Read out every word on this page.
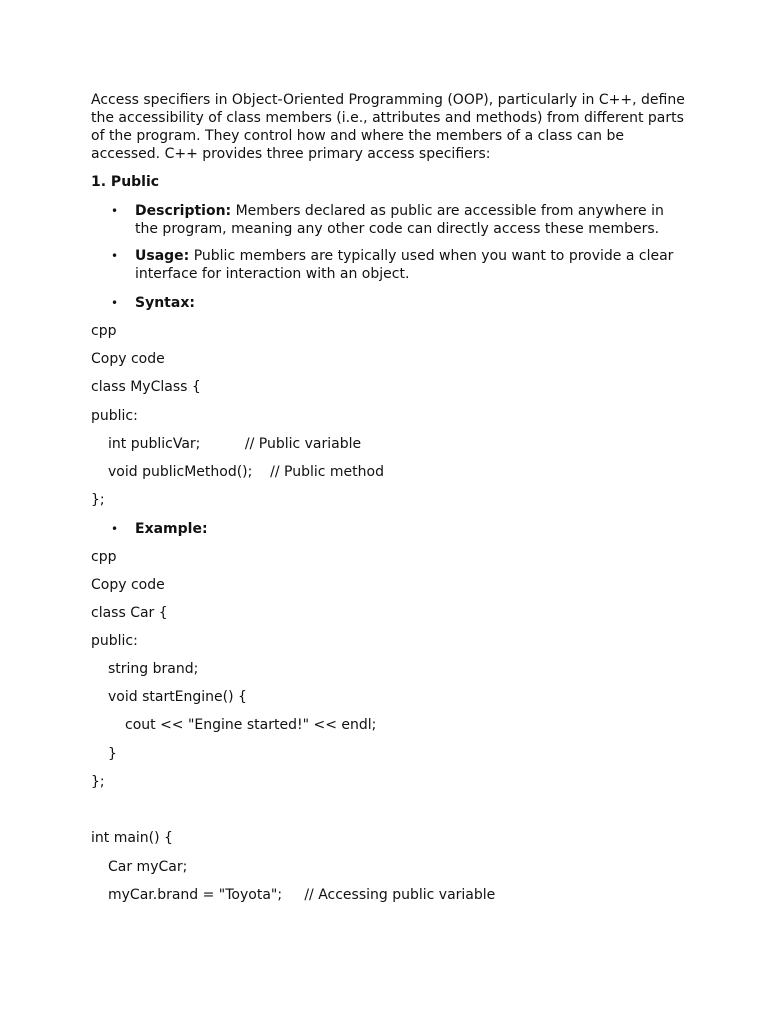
Access specifiers in Object-Oriented Programming (OOP), particularly in C++, define the accessibility of class members (i.e., attributes and methods) from different parts of the program. They control how and where the members of a class can be accessed. C++ provides three primary access specifiers:

1. Public

• Description: Members declared as public are accessible from anywhere in the program, meaning any other code can directly access these members.
• Usage: Public members are typically used when you want to provide a clear interface for interaction with an object.
• Syntax:
cpp
Copy code
class MyClass {
public:
int publicVar;          // Public variable
void publicMethod();    // Public method
};
• Example:
cpp
Copy code
class Car {
public:
string brand;
void startEngine() {
cout << "Engine started!" << endl;
}
};
int main() {
Car myCar;
myCar.brand = "Toyota";     // Accessing public variable
